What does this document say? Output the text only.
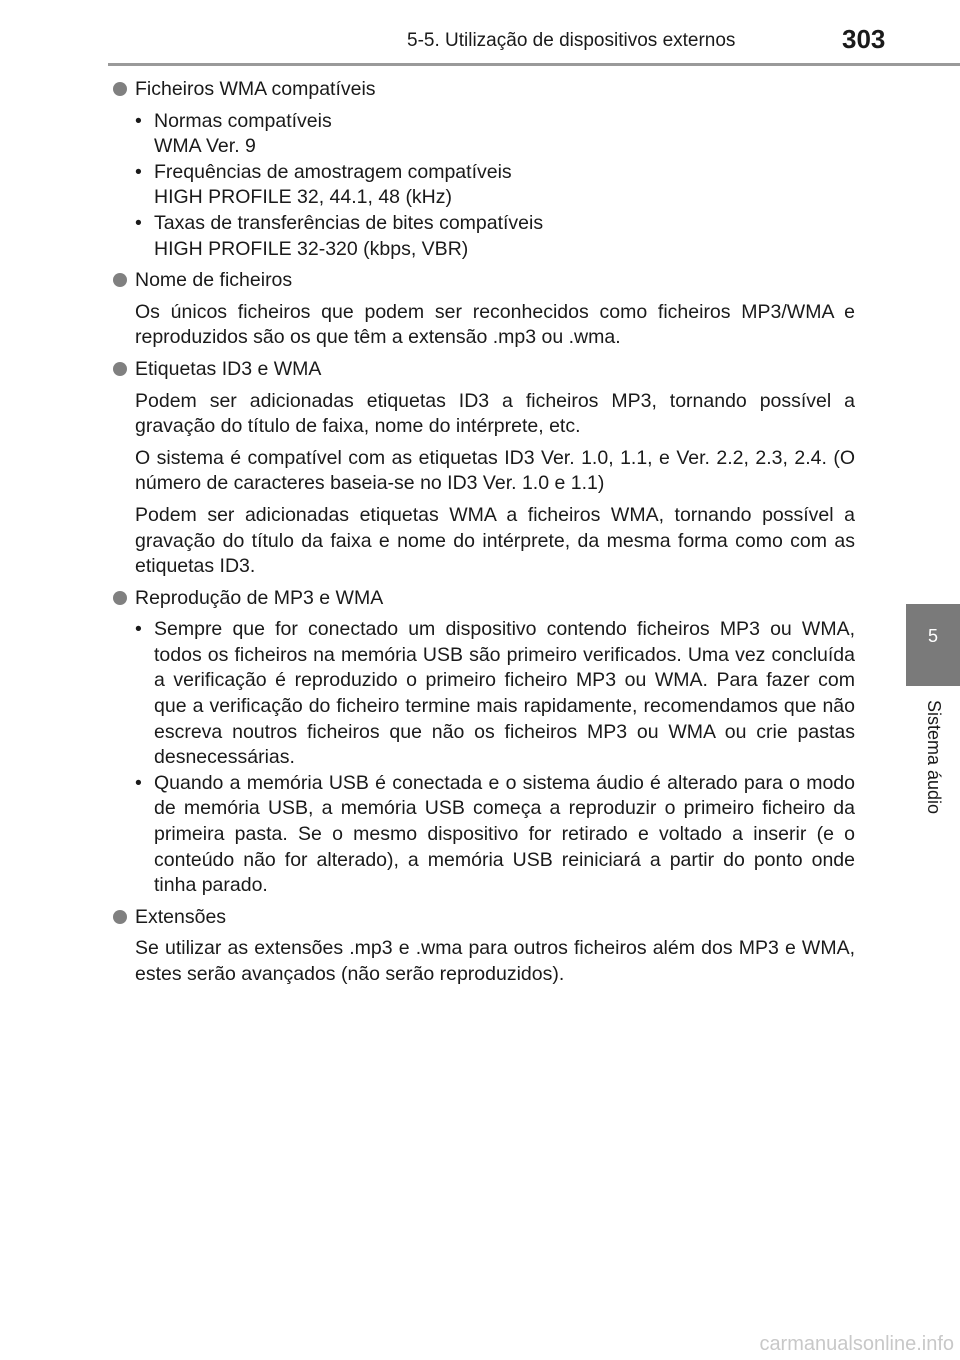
5-5. Utilização de dispositivos externos	303
5
Sistema áudio
Ficheiros WMA compatíveis
• Normas compatíveis
WMA Ver. 9
• Frequências de amostragem compatíveis
HIGH PROFILE 32, 44.1, 48 (kHz)
• Taxas de transferências de bites compatíveis
HIGH PROFILE 32-320 (kbps, VBR)
Nome de ficheiros
Os únicos ficheiros que podem ser reconhecidos como ficheiros MP3/WMA e reproduzidos são os que têm a extensão .mp3 ou .wma.
Etiquetas ID3 e WMA
Podem ser adicionadas etiquetas ID3 a ficheiros MP3, tornando possível a gravação do título de faixa, nome do intérprete, etc.
O sistema é compatível com as etiquetas ID3 Ver. 1.0, 1.1, e Ver. 2.2, 2.3, 2.4. (O número de caracteres baseia-se no ID3 Ver. 1.0 e 1.1)
Podem ser adicionadas etiquetas WMA a ficheiros WMA, tornando possível a gravação do título da faixa e nome do intérprete, da mesma forma como com as etiquetas ID3.
Reprodução de MP3 e WMA
• Sempre que for conectado um dispositivo contendo ficheiros MP3 ou WMA, todos os ficheiros na memória USB são primeiro verificados. Uma vez concluída a verificação é reproduzido o primeiro ficheiro MP3 ou WMA. Para fazer com que a verificação do ficheiro termine mais rapidamente, recomendamos que não escreva noutros ficheiros que não os ficheiros MP3 ou WMA ou crie pastas desnecessárias.
• Quando a memória USB é conectada e o sistema áudio é alterado para o modo de memória USB, a memória USB começa a reproduzir o primeiro ficheiro da primeira pasta. Se o mesmo dispositivo for retirado e voltado a inserir (e o conteúdo não for alterado), a memória USB reiniciará a partir do ponto onde tinha parado.
Extensões
Se utilizar as extensões .mp3 e .wma para outros ficheiros além dos MP3 e WMA, estes serão avançados (não serão reproduzidos).
carmanualsonline.info
